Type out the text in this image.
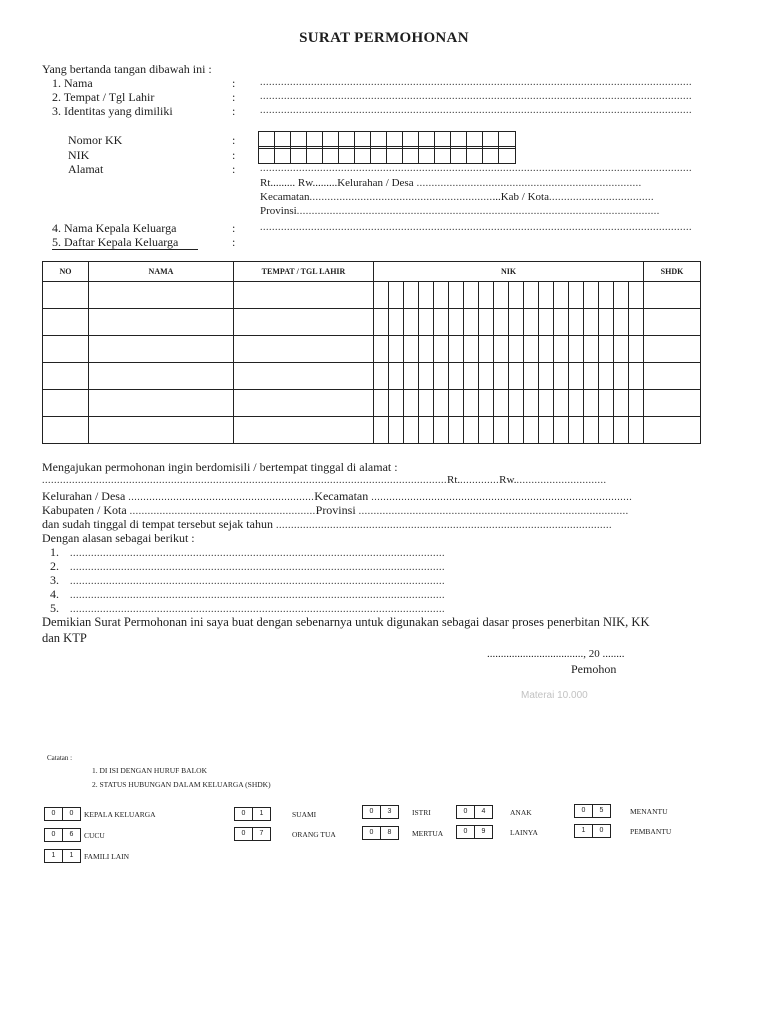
SURAT PERMOHONAN
Yang bertanda tangan dibawah ini :
1. Nama	: ................................................................................................................................................
2. Tempat / Tgl Lahir	: ................................................................................................................................................
3. Identitas yang dimiliki	: ................................................................................................................................................
Nomor KK	:
NIK	:
Alamat	: ................................................................................................................................................
Rt......... Rw.........Kelurahan / Desa ...........................................................................
Kecamatan................................................................Kab / Kota...................................
Provinsi.........................................................................................................................
4. Nama Kepala Keluarga	: ................................................................................................................................................
5. Daftar Kepala Keluarga	:
NO	NAMA	TEMPAT / TGL LAHIR	NIK	SHDK

Mengajukan permohonan ingin berdomisili / bertempat tinggal di alamat :
.......................................................................................................................................Rt..............Rw...............................
Kelurahan / Desa ..............................................................Kecamatan .......................................................................................
Kabupaten / Kota ..............................................................Provinsi ..........................................................................................
dan sudah tinggal di tempat tersebut sejak tahun ................................................................................................................
Dengan alasan sebagai berikut :
1. .............................................................................................................................
2. .............................................................................................................................
3. .............................................................................................................................
4. .............................................................................................................................
5. .............................................................................................................................
Demikian Surat Permohonan ini saya buat dengan sebenarnya untuk digunakan sebagai dasar proses penerbitan NIK, KK
dan KTP
..................................., 20 ........
Pemohon
Materai 10.000
Catatan :
1. DI ISI DENGAN HURUF BALOK
2. STATUS HUBUNGAN DALAM KELUARGA (SHDK)
0	0	KEPALA KELUARGA	0	1	SUAMI	0	3	ISTRI	0	4	ANAK	0	5	MENANTU
0	6	CUCU	0	7	ORANG TUA	0	8	MERTUA	0	9	LAINYA	1	0	PEMBANTU
1	1	FAMILI LAIN
